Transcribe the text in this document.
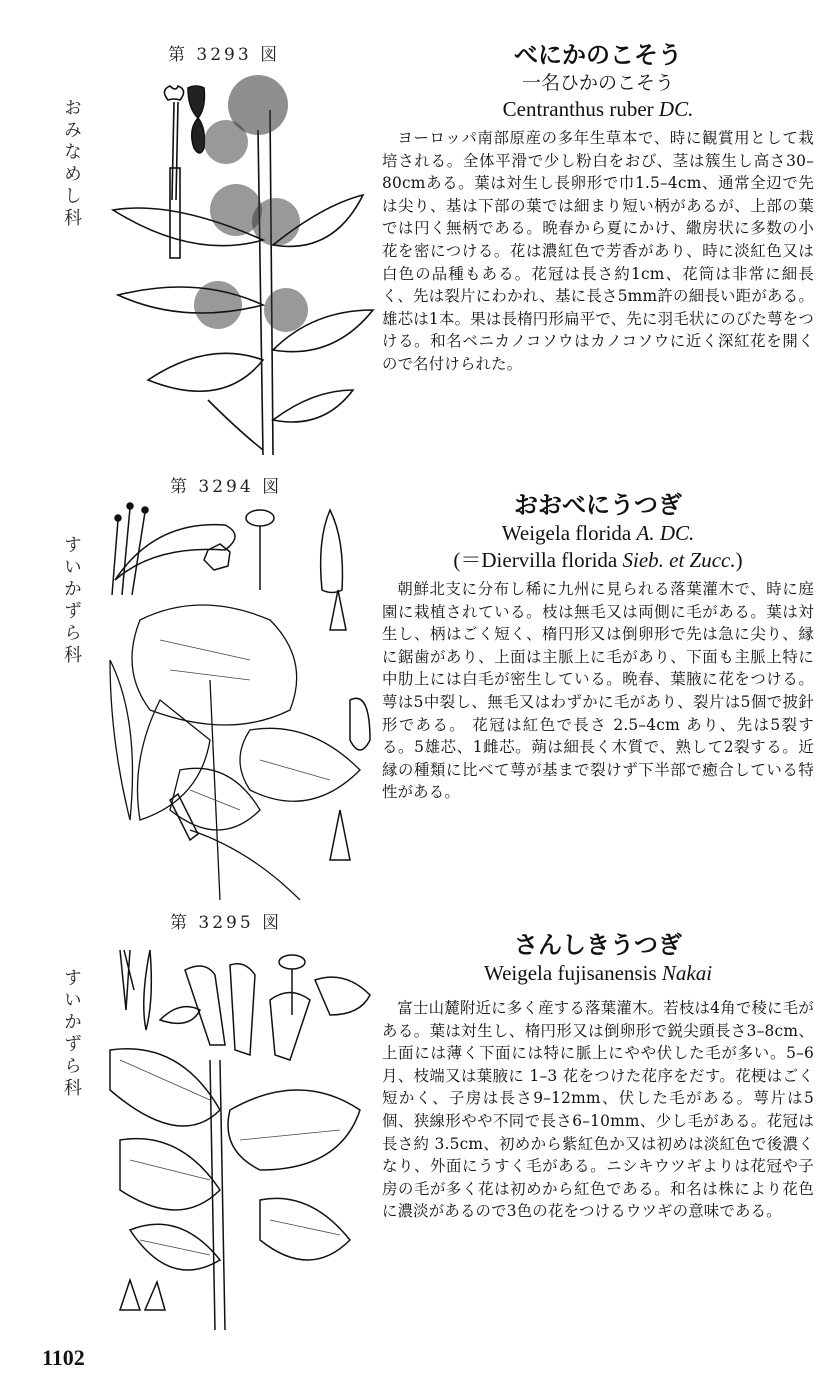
第 3293 図
おみなめし科

べにかのこそう

一名ひかのこそう

Centranthus ruber DC.

ヨーロッパ南部原産の多年生草本で、時に観賞用として栽培される。全体平滑で少し粉白をおび、茎は簇生し高さ30–80cmある。葉は対生し長卵形で巾1.5–4cm、通常全辺で先は尖り、基は下部の葉では細まり短い柄があるが、上部の葉では円く無柄である。晩春から夏にかけ、繖房状に多数の小花を密につける。花は濃紅色で芳香があり、時に淡紅色又は白色の品種もある。花冠は長さ約1cm、花筒は非常に細長く、先は裂片にわかれ、基に長さ5mm許の細長い距がある。雄芯は1本。果は長楕円形扁平で、先に羽毛状にのびた萼をつける。和名ベニカノコソウはカノコソウに近く深紅花を開くので名付けられた。

第 3294 図
すいかずら科

おおべにうつぎ

Weigela florida A. DC.

(＝Diervilla florida Sieb. et Zucc.)

朝鮮北支に分布し稀に九州に見られる落葉灌木で、時に庭園に栽植されている。枝は無毛又は両側に毛がある。葉は対生し、柄はごく短く、楕円形又は倒卵形で先は急に尖り、縁に鋸歯があり、上面は主脈上に毛があり、下面も主脈上特に中肋上には白毛が密生している。晩春、葉腋に花をつける。萼は5中裂し、無毛又はわずかに毛があり、裂片は5個で披針形である。 花冠は紅色で長さ 2.5–4cm あり、先は5裂する。5雄芯、1雌芯。蒴は細長く木質で、熟して2裂する。近縁の種類に比べて萼が基まで裂けず下半部で癒合している特性がある。

第 3295 図
すいかずら科

さんしきうつぎ

Weigela fujisanensis Nakai

富士山麓附近に多く産する落葉灌木。若枝は4角で稜に毛がある。葉は対生し、楕円形又は倒卵形で鋭尖頭長さ3–8cm、上面には薄く下面には特に脈上にやや伏した毛が多い。5–6月、枝端又は葉腋に 1–3 花をつけた花序をだす。花梗はごく短かく、子房は長さ9–12mm、伏した毛がある。萼片は5個、狭線形やや不同で長さ6–10mm、少し毛がある。花冠は長さ約 3.5cm、初めから紫紅色か又は初めは淡紅色で後濃くなり、外面にうすく毛がある。ニシキウツギよりは花冠や子房の毛が多く花は初めから紅色である。和名は株により花色に濃淡があるので3色の花をつけるウツギの意味である。

1102
